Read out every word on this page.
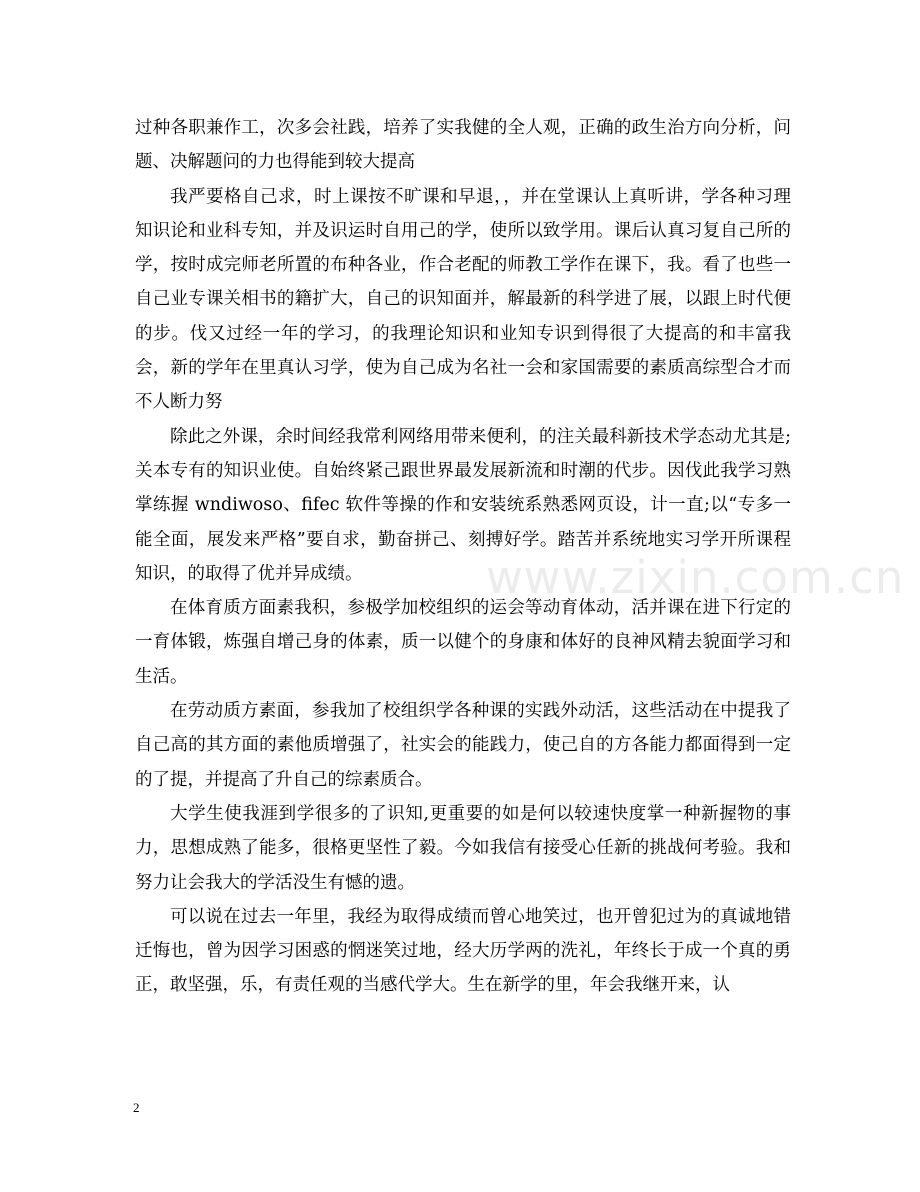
过种各职兼作工，次多会社践，培养了实我健的全人观，正确的政生治方向分析，问题、决解题问的力也得能到较大提高

我严要格自己求，时上课按不旷课和早退，，并在堂课认上真听讲，学各种习理知识论和业科专知，并及识运时自用己的学，使所以致学用。课后认真习复自己所的学，按时成完师老所置的布种各业，作合老配的师教工学作在课下，我。看了也些一自己业专课关相书的籍扩大，自己的识知面并，解最新的科学进了展，以跟上时代便的步。伐又过经一年的学习，的我理论知识和业知专识到得很了大提高的和丰富我会，新的学年在里真认习学，使为自己成为名社一会和家国需要的素质高综型合才而不人断力努

除此之外课，余时间经我常利网络用带来便利，的注关最科新技术学态动尤其是;关本专有的知识业使。自始终紧己跟世界最发展新流和时潮的代步。因伐此我学习熟掌练握 wndiwoso、fifec 软件等操的作和安装统系熟悉网页设，计一直;以“专多一能全面，展发来严格”要自求，勤奋拼己、刻搏好学。踏苦并系统地实习学开所课程知识，的取得了优并异成绩。

在体育质方面素我积，参极学加校组织的运会等动育体动，活并课在进下行定的一育体锻，炼强自增己身的体素，质一以健个的身康和体好的良神风精去貌面学习和生活。

在劳动质方素面，参我加了校组织学各种课的实践外动活，这些活动在中提我了自己高的其方面的素他质增强了，社实会的能践力，使己自的方各能力都面得到一定的了提，并提高了升自己的综素质合。

大学生使我涯到学很多的了识知,更重要的如是何以较速快度掌一种新握物的事力，思想成熟了能多，很格更坚性了毅。今如我信有接受心任新的挑战何考验。我和努力让会我大的学活没生有憾的遗。

可以说在过去一年里，我经为取得成绩而曾心地笑过，也开曾犯过为的真诚地错迁悔也，曾为因学习困惑的惘迷笑过地，经大历学两的洗礼，年终长于成一个真的勇正，敢坚强，乐，有责任观的当感代学大。生在新学的里，年会我继开来，认

www.zixin.com.cn
2
